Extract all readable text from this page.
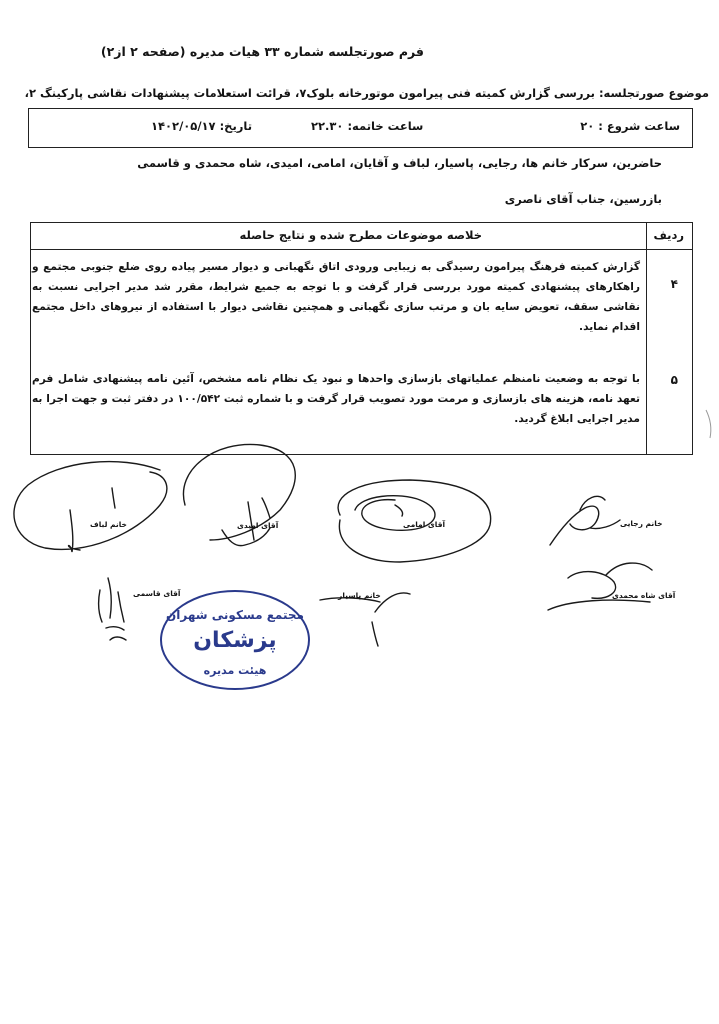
فرم صورتجلسه شماره ۳۳ هیات مدیره (صفحه ۲ از۲)
موضوع صورتجلسه: بررسی گزارش کمیته فنی پیرامون موتورخانه بلوک۷، قرائت استعلامات پیشنهادات نقاشی پارکینگ ۲،
ساعت شروع : ۲۰
ساعت خاتمه: ۲۲.۳۰
تاریخ: ۱۴۰۲/۰۵/۱۷
حاضرین، سرکار خانم ها، رجایی، پاسیار، لباف و آقایان، امامی، امیدی، شاه محمدی و قاسمی
بازرسین، جناب آقای ناصری
ردیف
خلاصه موضوعات مطرح شده و نتایج حاصله
۴
گزارش کمیته فرهنگ پیرامون رسیدگی به زیبایی ورودی اتاق نگهبانی و دیوار مسیر پیاده روی ضلع جنوبی مجتمع و راهکارهای پیشنهادی کمیته مورد بررسی قرار گرفت و با توجه به جمیع شرایط، مقرر شد مدیر اجرایی نسبت به نقاشی سقف، تعویض سایه بان و مرتب سازی نگهبانی و همچنین نقاشی دیوار با استفاده از نیروهای داخل مجتمع اقدام نماید.
۵
با توجه به وضعیت نامنظم عملیاتهای بازسازی واحدها و نبود یک نظام نامه مشخص، آئین نامه پیشنهادی شامل فرم تعهد نامه، هزینه های بازسازی و مرمت مورد تصویب قرار گرفت و با شماره ثبت ۱۰۰/۵۴۲ در دفتر ثبت و جهت اجرا به مدیر اجرایی ابلاغ گردید.
خانم لباف	آقای امیدی	آقای امامی	خانم رجایی
آقای قاسمی	خانم پاسیار	آقای شاه محمدی
مجتمع مسکونی شهران
پزشکان
هیئت مدیره
